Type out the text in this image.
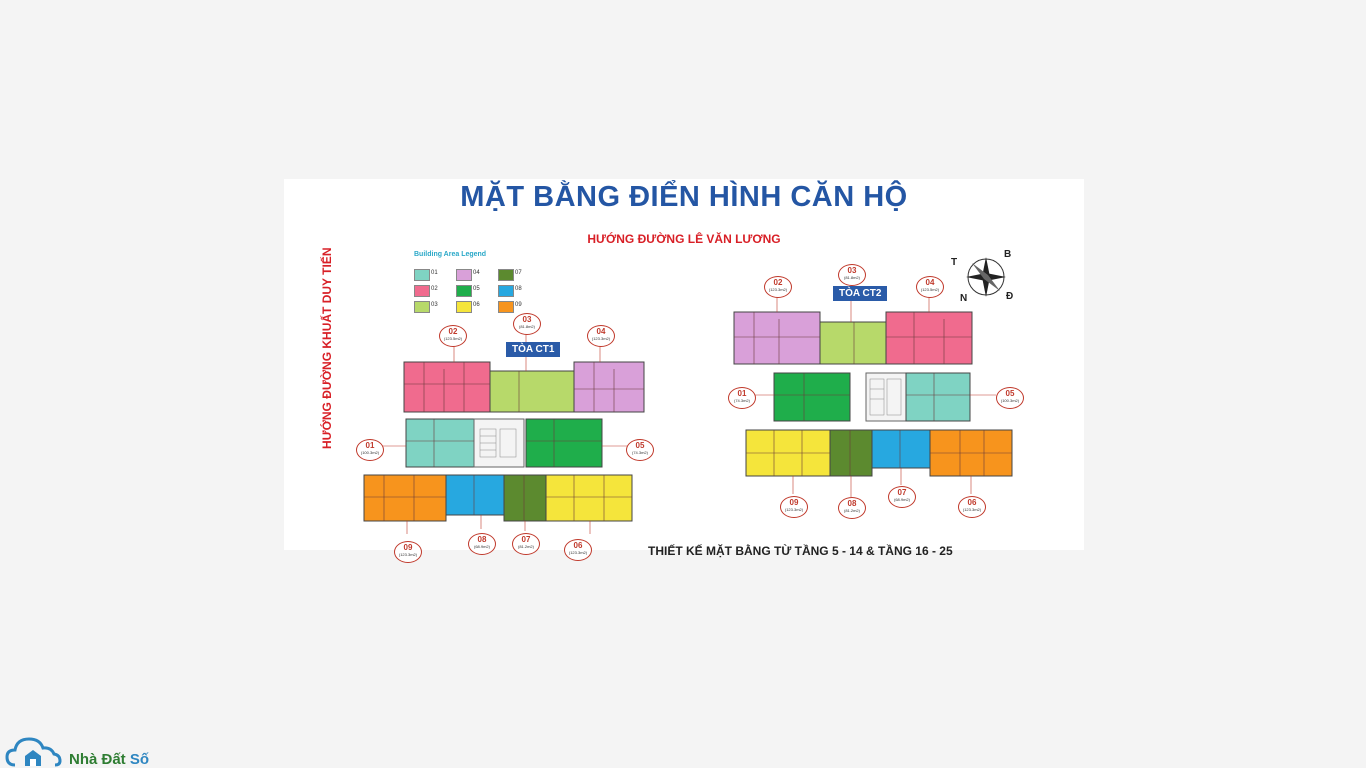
MẶT BẰNG ĐIỂN HÌNH CĂN HỘ
HƯỚNG ĐƯỜNG LÊ VĂN LƯƠNG
HƯỚNG ĐƯỜNG KHUẤT DUY TIẾN	Building Area Legend
01
02
03
04
05
06
07
08
09
TÒA CT1
TÒA CT2
01
(100.3m2)
02
(123.5m2)
03
(81.8m2)
04
(123.3m2)
05
(74.3m2)
06
(123.3m2)
07
(81.2m2)
08
(68.9m2)
09
(123.3m2)
01
(74.3m2)
02
(123.3m2)
03
(81.8m2)
04
(123.5m2)
05
(100.3m2)
06
(123.3m2)
07
(68.9m2)
08
(81.2m2)
09
(123.3m2)
B
T
N	Đ
THIẾT KẾ MẶT BẰNG TỪ TẦNG 5 - 14 & TẦNG 16 - 25
Nhà Đất Số
